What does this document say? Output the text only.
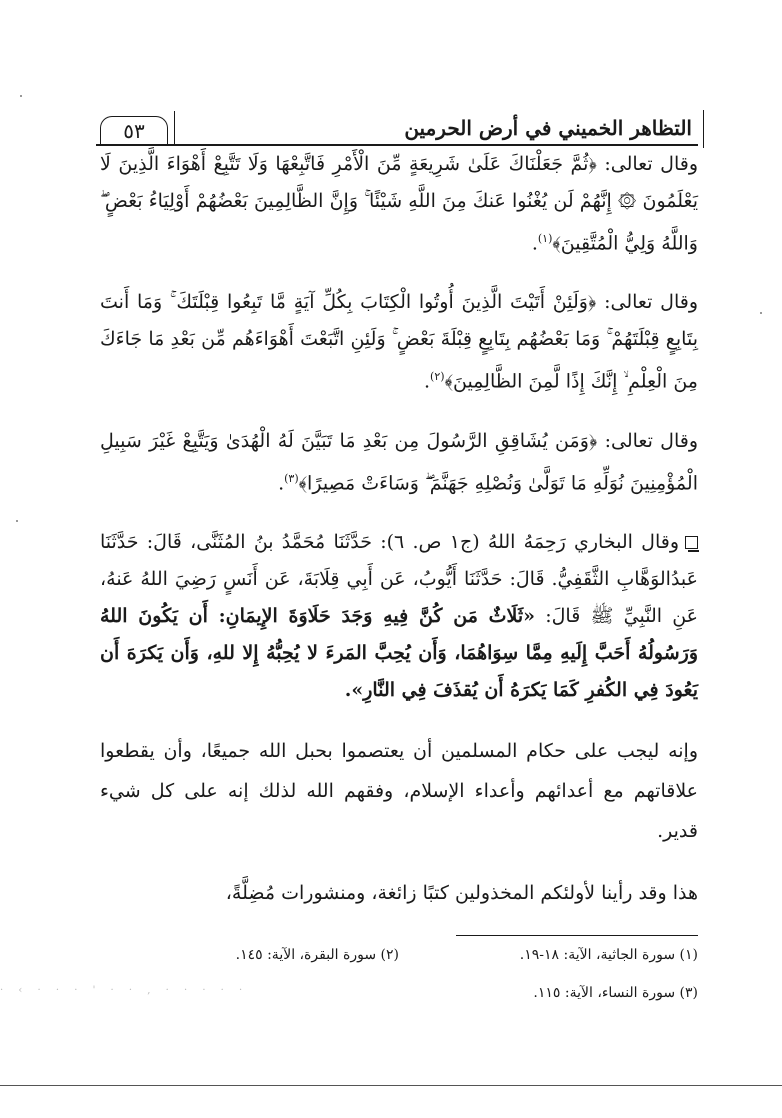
٥٣	التظاهر الخميني في أرض الحرمين

وقال تعالى: ﴿ثُمَّ جَعَلْنَاكَ عَلَىٰ شَرِيعَةٍ مِّنَ الْأَمْرِ فَاتَّبِعْهَا وَلَا تَتَّبِعْ أَهْوَاءَ الَّذِينَ لَا يَعْلَمُونَ ۞ إِنَّهُمْ لَن يُغْنُوا عَنكَ مِنَ اللَّهِ شَيْئًا ۚ وَإِنَّ الظَّالِمِينَ بَعْضُهُمْ أَوْلِيَاءُ بَعْضٍ ۖ وَاللَّهُ وَلِيُّ الْمُتَّقِينَ﴾$^{(١)}$.

وقال تعالى: ﴿وَلَئِنْ أَتَيْتَ الَّذِينَ أُوتُوا الْكِتَابَ بِكُلِّ آيَةٍ مَّا تَبِعُوا قِبْلَتَكَ ۚ وَمَا أَنتَ بِتَابِعٍ قِبْلَتَهُمْ ۚ وَمَا بَعْضُهُم بِتَابِعٍ قِبْلَةَ بَعْضٍ ۚ وَلَئِنِ اتَّبَعْتَ أَهْوَاءَهُم مِّن بَعْدِ مَا جَاءَكَ مِنَ الْعِلْمِ ۙ إِنَّكَ إِذًا لَّمِنَ الظَّالِمِينَ﴾$^{(٢)}$.

وقال تعالى: ﴿وَمَن يُشَاقِقِ الرَّسُولَ مِن بَعْدِ مَا تَبَيَّنَ لَهُ الْهُدَىٰ وَيَتَّبِعْ غَيْرَ سَبِيلِ الْمُؤْمِنِينَ نُوَلِّهِ مَا تَوَلَّىٰ وَنُصْلِهِ جَهَنَّمَ ۖ وَسَاءَتْ مَصِيرًا﴾$^{(٣)}$.

وقال البخاري رَحِمَهُ اللهُ (ج١ ص. ٦): حَدَّثَنَا مُحَمَّدُ بنُ المُثَنَّى، قَالَ: حَدَّثَنَا عَبدُالوَهَّابِ الثَّقَفِيُّ. قَالَ: حَدَّثَنَا أَيُّوبُ، عَن أَبِي قِلَابَةَ، عَن أَنَسٍ رَضِيَ اللهُ عَنهُ، عَنِ النَّبِيِّ ﷺ قَالَ: «ثَلَاثٌ مَن كُنَّ فِيهِ وَجَدَ حَلَاوَةَ الإِيمَانِ: أَن يَكُونَ اللهُ وَرَسُولُهُ أَحَبَّ إِلَيهِ مِمَّا سِوَاهُمَا، وَأَن يُحِبَّ المَرءَ لا يُحِبُّهُ إِلا للهِ، وَأَن يَكرَهَ أَن يَعُودَ فِي الكُفرِ كَمَا يَكرَهُ أَن يُقذَفَ فِي النَّارِ».

وإنه ليجب على حكام المسلمين أن يعتصموا بحبل الله جميعًا، وأن يقطعوا علاقاتهم مع أعدائهم وأعداء الإسلام، وفقهم الله لذلك إنه على كل شيء قدير.

هذا وقد رأينا لأولئكم المخذولين كتبًا زائغة، ومنشورات مُضِلَّةً،

(١) سورة الجاثية، الآية: ١٨-١٩.
(٢) سورة البقرة، الآية: ١٤٥.
(٣) سورة النساء، الآية: ١١٥.
· ‹ · · · ' · · , · · · · ·
